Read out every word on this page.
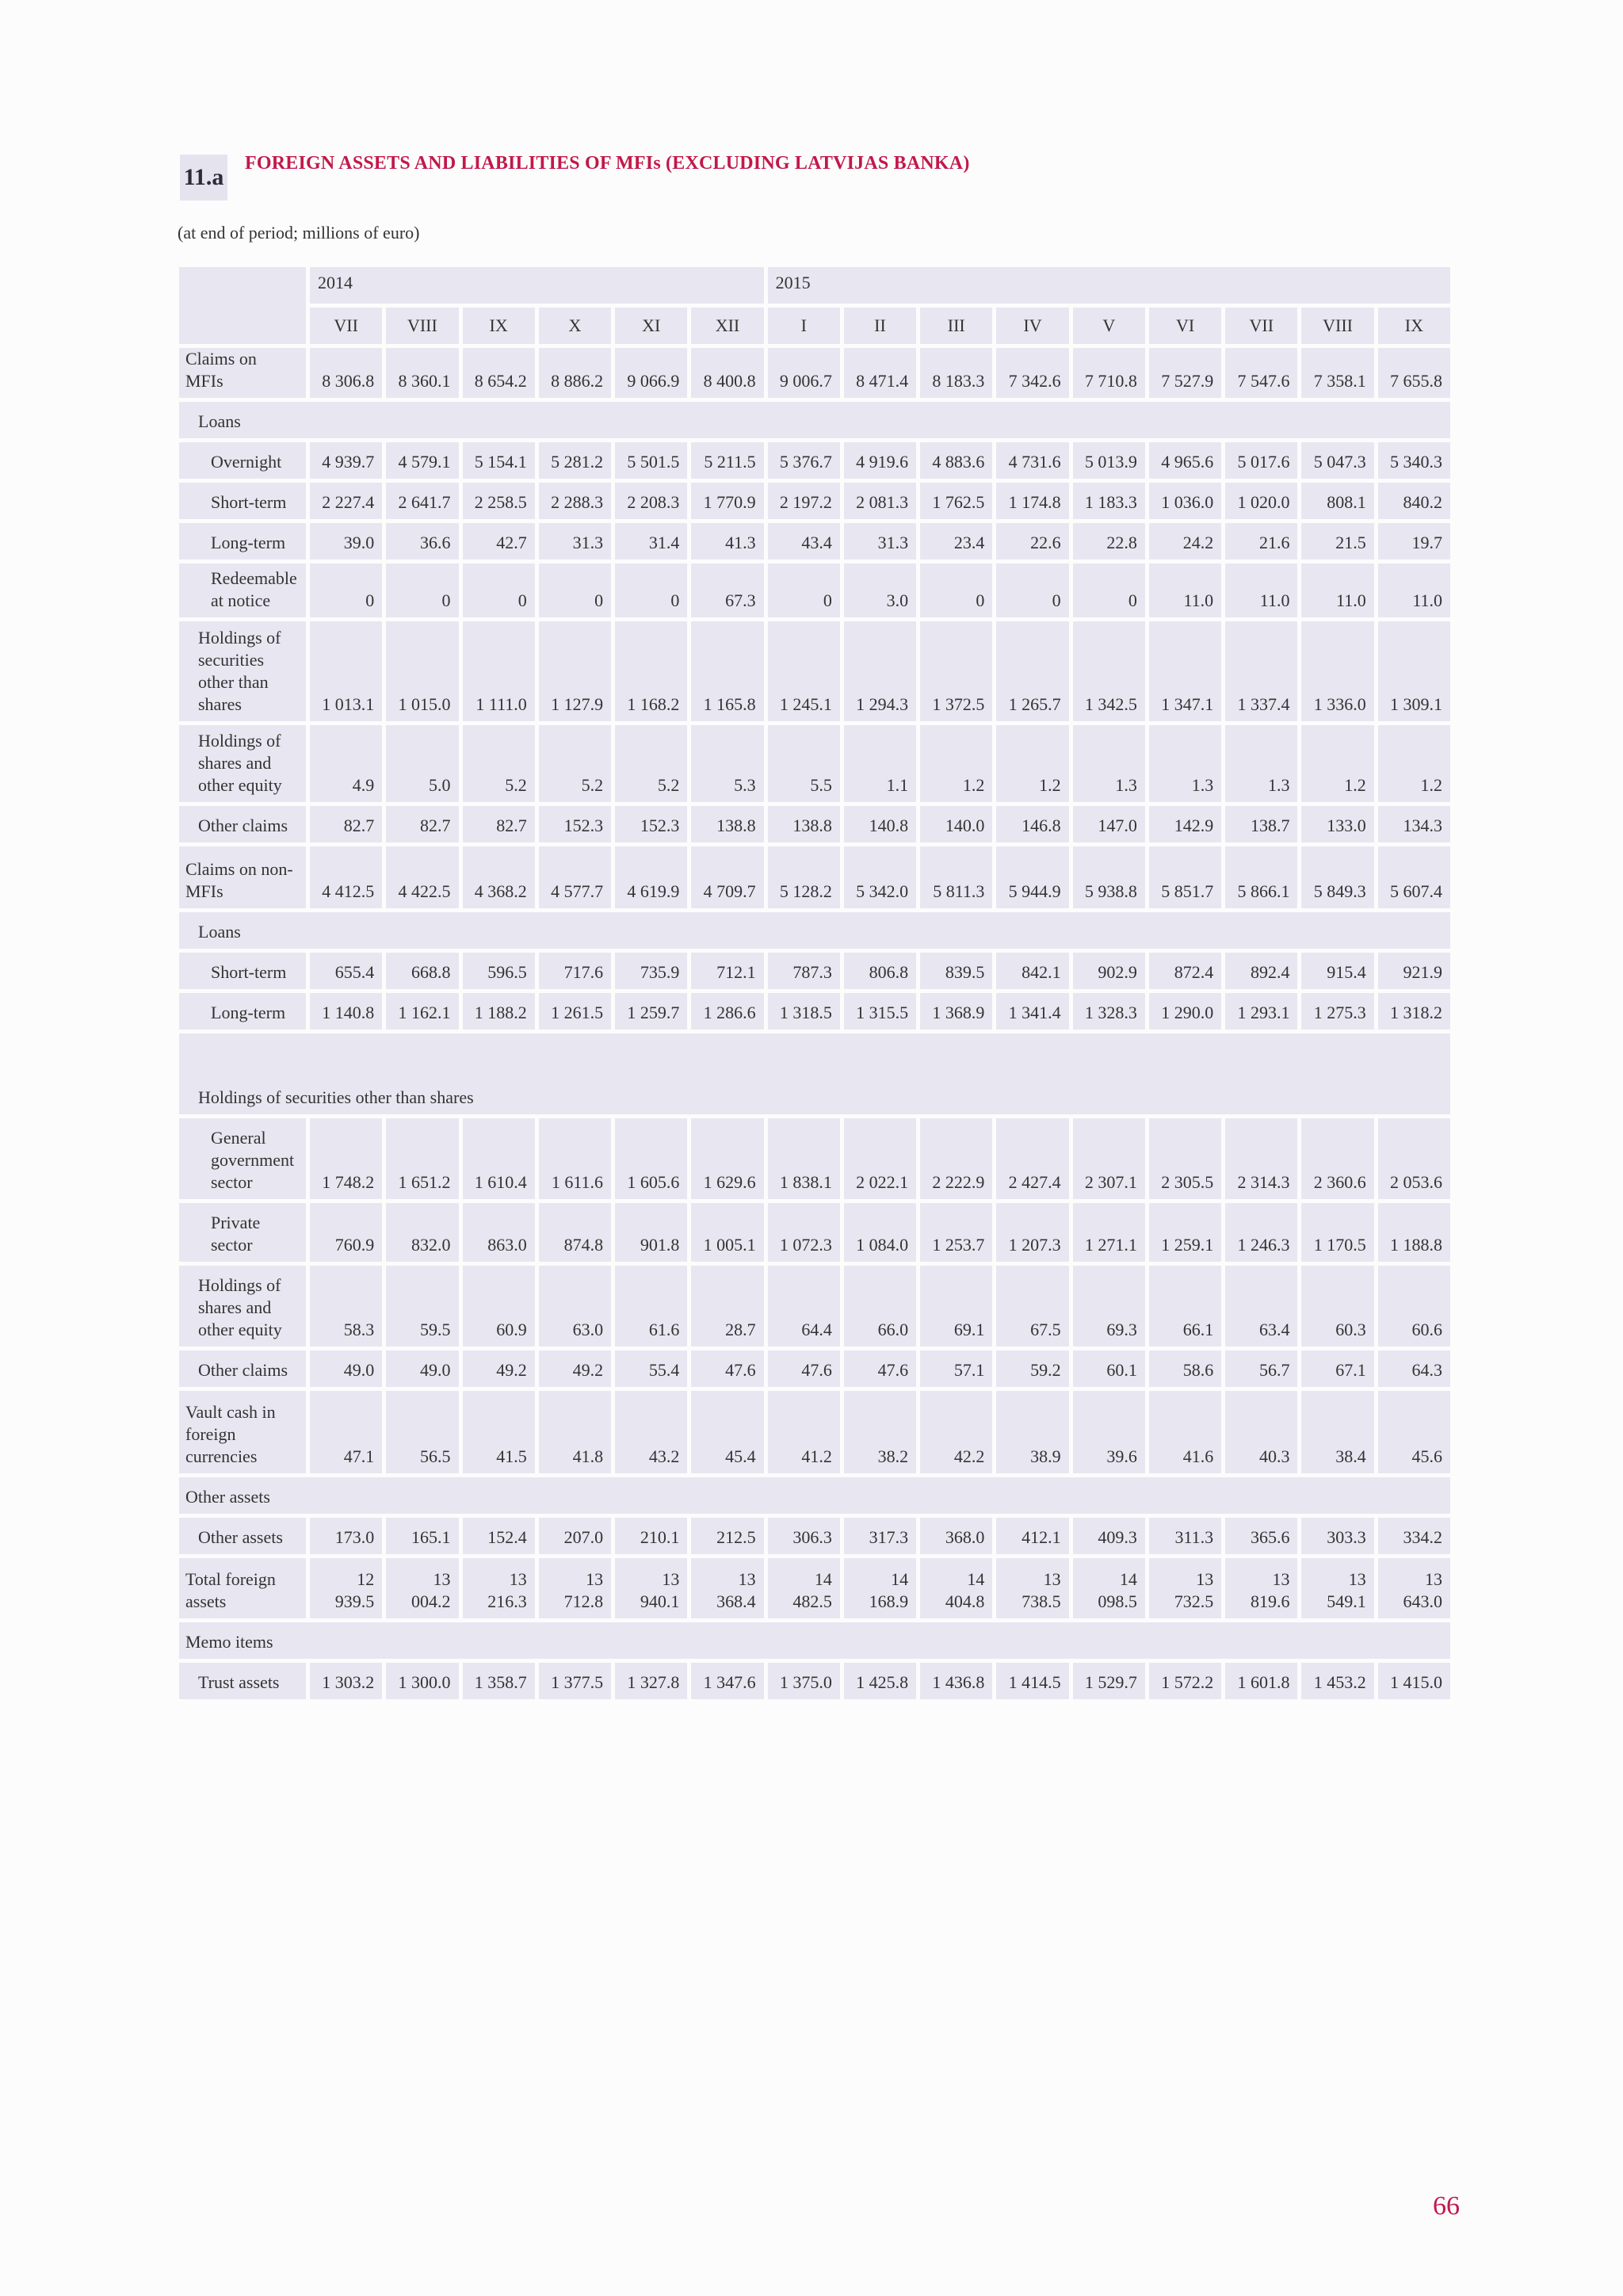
11.a
FOREIGN ASSETS AND LIABILITIES OF MFIs (EXCLUDING LATVIJAS BANKA)
(at end of period; millions of euro)
	2014						2015								
	VII	VIII	IX	X	XI	XII	I	II	III	IV	V	VI	VII	VIII	IX
Claims on MFIs	8 306.8	8 360.1	8 654.2	8 886.2	9 066.9	8 400.8	9 006.7	8 471.4	8 183.3	7 342.6	7 710.8	7 527.9	7 547.6	7 358.1	7 655.8
Loans															
Overnight	4 939.7	4 579.1	5 154.1	5 281.2	5 501.5	5 211.5	5 376.7	4 919.6	4 883.6	4 731.6	5 013.9	4 965.6	5 017.6	5 047.3	5 340.3
Short-term	2 227.4	2 641.7	2 258.5	2 288.3	2 208.3	1 770.9	2 197.2	2 081.3	1 762.5	1 174.8	1 183.3	1 036.0	1 020.0	808.1	840.2
Long-term	39.0	36.6	42.7	31.3	31.4	41.3	43.4	31.3	23.4	22.6	22.8	24.2	21.6	21.5	19.7
Redeemable at notice	0	0	0	0	0	67.3	0	3.0	0	0	0	11.0	11.0	11.0	11.0
Holdings of securities other than shares	1 013.1	1 015.0	1 111.0	1 127.9	1 168.2	1 165.8	1 245.1	1 294.3	1 372.5	1 265.7	1 342.5	1 347.1	1 337.4	1 336.0	1 309.1
Holdings of shares and other equity	4.9	5.0	5.2	5.2	5.2	5.3	5.5	1.1	1.2	1.2	1.3	1.3	1.3	1.2	1.2
Other claims	82.7	82.7	82.7	152.3	152.3	138.8	138.8	140.8	140.0	146.8	147.0	142.9	138.7	133.0	134.3
Claims on non-MFIs	4 412.5	4 422.5	4 368.2	4 577.7	4 619.9	4 709.7	5 128.2	5 342.0	5 811.3	5 944.9	5 938.8	5 851.7	5 866.1	5 849.3	5 607.4
Loans															
Short-term	655.4	668.8	596.5	717.6	735.9	712.1	787.3	806.8	839.5	842.1	902.9	872.4	892.4	915.4	921.9
Long-term	1 140.8	1 162.1	1 188.2	1 261.5	1 259.7	1 286.6	1 318.5	1 315.5	1 368.9	1 341.4	1 328.3	1 290.0	1 293.1	1 275.3	1 318.2
Holdings of securities other than shares															
General government sector	1 748.2	1 651.2	1 610.4	1 611.6	1 605.6	1 629.6	1 838.1	2 022.1	2 222.9	2 427.4	2 307.1	2 305.5	2 314.3	2 360.6	2 053.6
Private sector	760.9	832.0	863.0	874.8	901.8	1 005.1	1 072.3	1 084.0	1 253.7	1 207.3	1 271.1	1 259.1	1 246.3	1 170.5	1 188.8
Holdings of shares and other equity	58.3	59.5	60.9	63.0	61.6	28.7	64.4	66.0	69.1	67.5	69.3	66.1	63.4	60.3	60.6
Other claims	49.0	49.0	49.2	49.2	55.4	47.6	47.6	47.6	57.1	59.2	60.1	58.6	56.7	67.1	64.3
Vault cash in foreign currencies	47.1	56.5	41.5	41.8	43.2	45.4	41.2	38.2	42.2	38.9	39.6	41.6	40.3	38.4	45.6
Other assets															
Other assets	173.0	165.1	152.4	207.0	210.1	212.5	306.3	317.3	368.0	412.1	409.3	311.3	365.6	303.3	334.2
Total foreign assets	12 939.5	13 004.2	13 216.3	13 712.8	13 940.1	13 368.4	14 482.5	14 168.9	14 404.8	13 738.5	14 098.5	13 732.5	13 819.6	13 549.1	13 643.0
Memo items															
Trust assets	1 303.2	1 300.0	1 358.7	1 377.5	1 327.8	1 347.6	1 375.0	1 425.8	1 436.8	1 414.5	1 529.7	1 572.2	1 601.8	1 453.2	1 415.0
66
